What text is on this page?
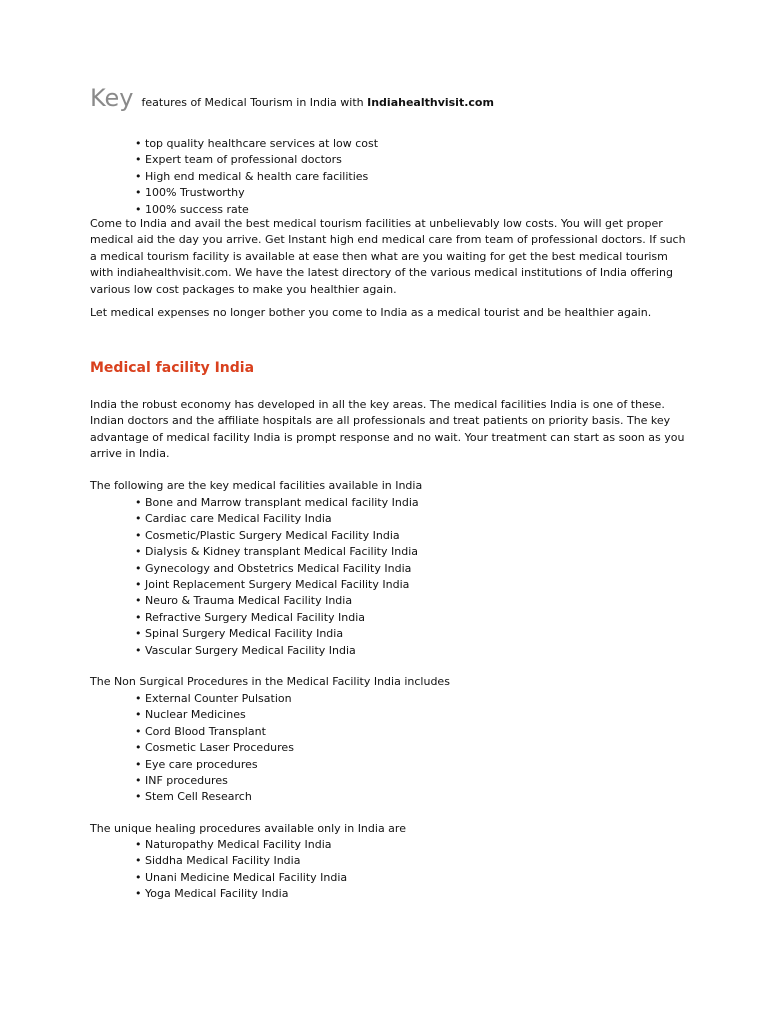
Key features of Medical Tourism in India with Indiahealthvisit.com
• top quality healthcare services at low cost
• Expert team of professional doctors
• High end medical & health care facilities
• 100% Trustworthy
• 100% success rate

Come to India and avail the best medical tourism facilities at unbelievably low costs. You will get proper medical aid the day you arrive. Get Instant high end medical care from team of professional doctors. If such a medical tourism facility is available at ease then what are you waiting for get the best medical tourism with indiahealthvisit.com. We have the latest directory of the various medical institutions of India offering various low cost packages to make you healthier again.

Let medical expenses no longer bother you come to India as a medical tourist and be healthier again.

Medical facility India

India the robust economy has developed in all the key areas. The medical facilities India is one of these. Indian doctors and the affiliate hospitals are all professionals and treat patients on priority basis. The key advantage of medical facility India is prompt response and no wait. Your treatment can start as soon as you arrive in India.

The following are the key medical facilities available in India

• Bone and Marrow transplant medical facility India
• Cardiac care Medical Facility India
• Cosmetic/Plastic Surgery Medical Facility India
• Dialysis & Kidney transplant Medical Facility India
• Gynecology and Obstetrics Medical Facility India
• Joint Replacement Surgery Medical Facility India
• Neuro & Trauma Medical Facility India
• Refractive Surgery Medical Facility India
• Spinal Surgery Medical Facility India
• Vascular Surgery Medical Facility India

The Non Surgical Procedures in the Medical Facility India includes

• External Counter Pulsation
• Nuclear Medicines
• Cord Blood Transplant
• Cosmetic Laser Procedures
• Eye care procedures
• INF procedures
• Stem Cell Research

The unique healing procedures available only in India are

• Naturopathy Medical Facility India
• Siddha Medical Facility India
• Unani Medicine Medical Facility India
• Yoga Medical Facility India
